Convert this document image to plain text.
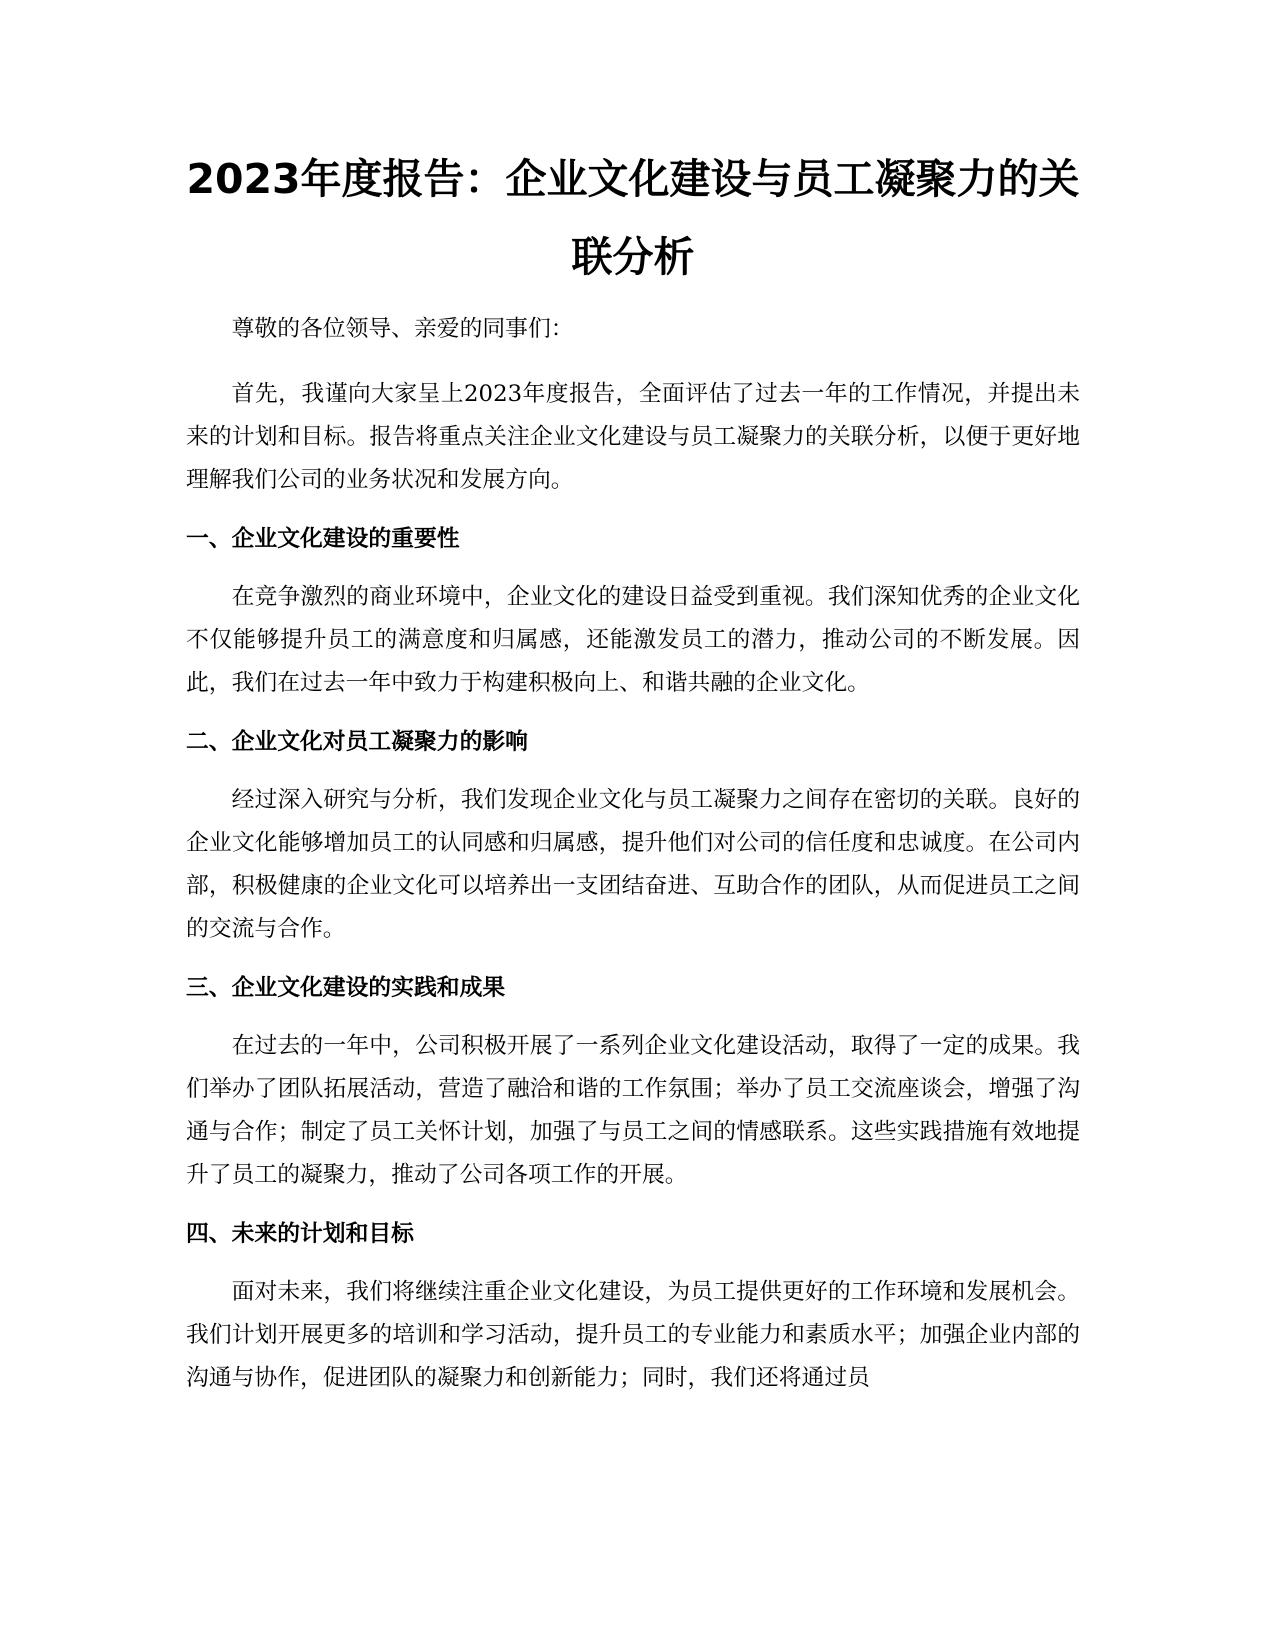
2023年度报告：企业文化建设与员工凝聚力的关联分析

尊敬的各位领导、亲爱的同事们：

首先，我谨向大家呈上2023年度报告，全面评估了过去一年的工作情况，并提出未来的计划和目标。报告将重点关注企业文化建设与员工凝聚力的关联分析，以便于更好地理解我们公司的业务状况和发展方向。

一、企业文化建设的重要性

在竞争激烈的商业环境中，企业文化的建设日益受到重视。我们深知优秀的企业文化不仅能够提升员工的满意度和归属感，还能激发员工的潜力，推动公司的不断发展。因此，我们在过去一年中致力于构建积极向上、和谐共融的企业文化。

二、企业文化对员工凝聚力的影响

经过深入研究与分析，我们发现企业文化与员工凝聚力之间存在密切的关联。良好的企业文化能够增加员工的认同感和归属感，提升他们对公司的信任度和忠诚度。在公司内部，积极健康的企业文化可以培养出一支团结奋进、互助合作的团队，从而促进员工之间的交流与合作。

三、企业文化建设的实践和成果

在过去的一年中，公司积极开展了一系列企业文化建设活动，取得了一定的成果。我们举办了团队拓展活动，营造了融洽和谐的工作氛围；举办了员工交流座谈会，增强了沟通与合作；制定了员工关怀计划，加强了与员工之间的情感联系。这些实践措施有效地提升了员工的凝聚力，推动了公司各项工作的开展。

四、未来的计划和目标

面对未来，我们将继续注重企业文化建设，为员工提供更好的工作环境和发展机会。我们计划开展更多的培训和学习活动，提升员工的专业能力和素质水平；加强企业内部的沟通与协作，促进团队的凝聚力和创新能力；同时，我们还将通过员
